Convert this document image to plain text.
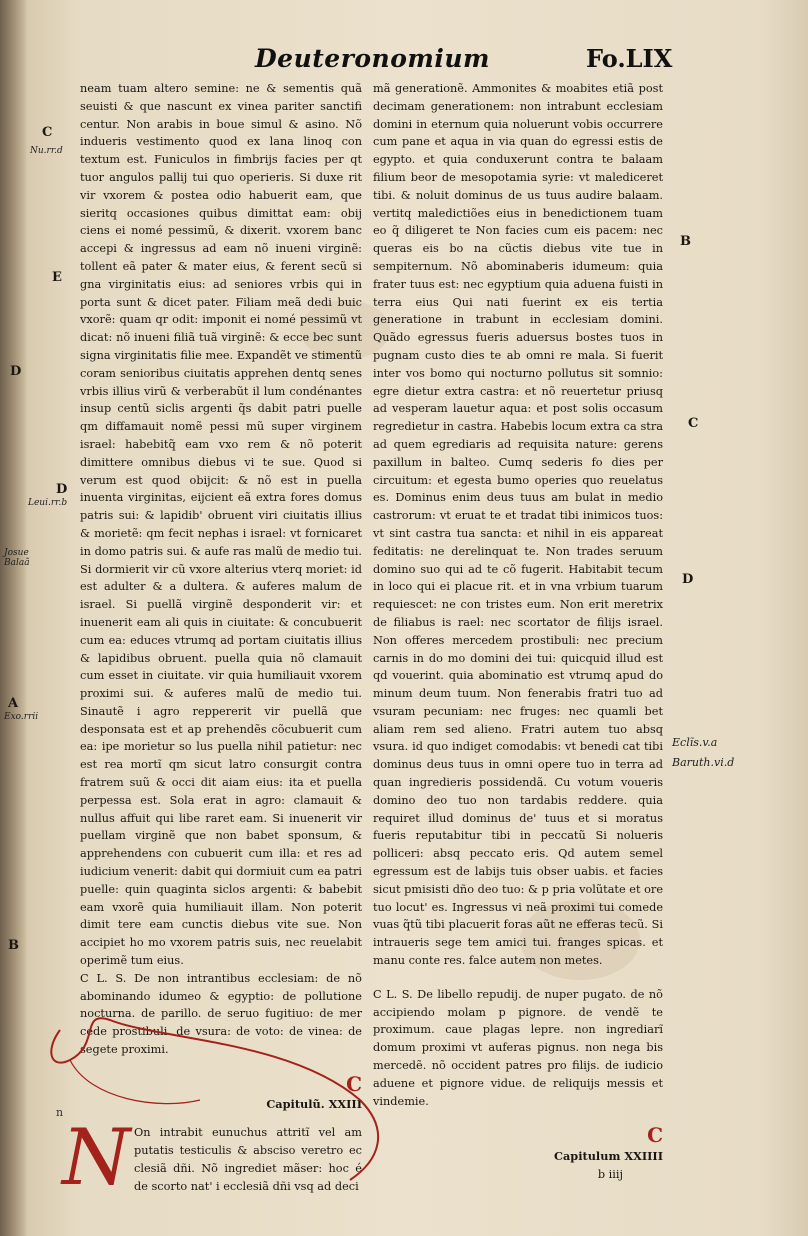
Deuteronomium	Fo.LIX

neam tuam altero semine: ne & sementis quã seuisti & que nascunt ex vinea pariter sanctifi centur. Non arabis in boue simul & asino. Nõ indueris vestimento quod ex lana linoq con textum est. Funiculos in fimbrijs facies per qt tuor angulos pallij tui quo operieris. Si duxe rit vir vxorem & postea odio habuerit eam, que sieritq occasiones quibus dimittat eam: obij ciens ei nomé pessimũ, & dixerit. vxorem banc accepi & ingressus ad eam nõ inueni virginẽ: tollent eã pater & mater eius, & ferent secũ si gna virginitatis eius: ad seniores vrbis qui in porta sunt & dicet pater. Filiam meã dedi buic vxorẽ: quam qr odit: imponit ei nomé pessimũ vt dicat: nõ inueni filiã tuã virginẽ: & ecce bec sunt signa virginitatis filie mee. Expandẽt ve stimentũ coram senioribus ciuitatis apprehen dentq senes vrbis illius virũ & verberabũt il lum condénantes insup centũ siclis argenti q̃s dabit patri puelle qm diffamauit nomẽ pessi mũ super virginem israel: habebitq̃ eam vxo rem & nõ poterit dimittere omnibus diebus vi te sue. Quod si verum est quod obijcit: & nõ est in puella inuenta virginitas, eijcient eã extra fores domus patris sui: & lapidib' obruent viri ciuitatis illius & morietẽ: qm fecit nephas i israel: vt fornicaret in domo patris sui. & aufe ras malũ de medio tui. Si dormierit vir cũ vxore alterius vterq moriet: id est adulter & a dultera. & auferes malum de israel. Si puellã virginẽ desponderit vir: et inuenerit eam ali quis in ciuitate: & concubuerit cum ea: educes vtrumq ad portam ciuitatis illius & lapidibus obruent. puella quia nõ clamauit cum esset in ciuitate. vir quia humiliauit vxorem proximi sui. & auferes malũ de medio tui. Sinautẽ i agro reppererit vir puellã que desponsata est et ap prehendẽs cõcubuerit cum ea: ipe morietur so lus puella nihil patietur: nec est rea mortĩ qm sicut latro consurgit contra fratrem suũ & occi dit aiam eius: ita et puella perpessa est. Sola erat in agro: clamauit & nullus affuit qui libe raret eam. Si inuenerit vir puellam virginẽ que non babet sponsum, & apprehendens con cubuerit cum illa: et res ad iudicium venerit: dabit qui dormiuit cum ea patri puelle: quin quaginta siclos argenti: & babebit eam vxorẽ quia humiliauit illam. Non poterit dimit tere eam cunctis diebus vite sue. Non accipiet ho mo vxorem patris suis, nec reuelabit operimẽ tum eius.

C L. S. De non intrantibus ecclesiam: de nõ abominando idumeo & egyptio: de pollutione nocturna. de parillo. de seruo fugitiuo: de mer cede prostibuli. de vsura: de voto: de vinea: de segete proximi.

C
Capitulũ. XXIII

n
N On intrabit eunuchus attritĩ vel am putatis testiculis & absciso veretro ec clesiã dñi. Nõ ingrediet mãser: hoc é de scorto nat' i ecclesiã dñi vsq ad deci

mã generationẽ. Ammonites & moabites etiã post decimam generationem: non intrabunt ecclesiam domini in eternum quia noluerunt vobis occurrere cum pane et aqua in via quan do egressi estis de egypto. et quia conduxerunt contra te balaam filium beor de mesopotamia syrie: vt malediceret tibi. & noluit dominus de us tuus audire balaam. vertitq maledictiões eius in benedictionem tuam eo q̃ diligeret te Non facies cum eis pacem: nec queras eis bo na cũctis diebus vite tue in sempiternum. Nõ abominaberis idumeum: quia frater tuus est: nec egyptium quia aduena fuisti in terra eius Qui nati fuerint ex eis tertia generatione in trabunt in ecclesiam domini. Quãdo egressus fueris aduersus bostes tuos in pugnam custo dies te ab omni re mala. Si fuerit inter vos bomo qui nocturno pollutus sit somnio: egre dietur extra castra: et nõ reuertetur priusq ad vesperam lauetur aqua: et post solis occasum regredietur in castra. Habebis locum extra ca stra ad quem egrediaris ad requisita nature: gerens paxillum in balteo. Cumq sederis fo dies per circuitum: et egesta bumo operies quo reuelatus es. Dominus enim deus tuus am bulat in medio castrorum: vt eruat te et tradat tibi inimicos tuos: vt sint castra tua sancta: et nihil in eis appareat feditatis: ne derelinquat te. Non trades seruum domino suo qui ad te cõ fugerit. Habitabit tecum in loco qui ei placue rit. et in vna vrbium tuarum requiescet: ne con tristes eum. Non erit meretrix de filiabus is rael: nec scortator de filijs israel. Non offeres mercedem prostibuli: nec precium carnis in do mo domini dei tui: quicquid illud est qd vouerint. quia abominatio est vtrumq apud do minum deum tuum. Non fenerabis fratri tuo ad vsuram pecuniam: nec fruges: nec quamli bet aliam rem sed alieno. Fratri autem tuo absq vsura. id quo indiget comodabis: vt benedi cat tibi dominus deus tuus in omni opere tuo in terra ad quan ingredieris possidendã. Cu votum voueris domino deo tuo non tardabis reddere. quia requiret illud dominus de' tuus et si moratus fueris reputabitur tibi in peccatũ Si nolueris polliceri: absq peccato eris. Qd autem semel egressum est de labijs tuis obser uabis. et facies sicut pmisisti dño deo tuo: & p pria volũtate et ore tuo locut' es. Ingressus vi neã proximi tui comede vuas q̃tũ tibi placuerit foras aũt ne efferas tecũ. Si intraueris sege tem amici tui. franges spicas. et manu conte res. falce autem non metes.

C L. S. De libello repudij. de nuper pugato. de nõ accipiendo molam p pignore. de vendẽ te proximum. caue plagas lepre. non ingrediarĩ domum proximi vt auferas pignus. non nega bis mercedẽ. nõ occident patres pro filijs. de iudicio aduene et pignore vidue. de reliquijs messis et vindemie.

C
Capitulum XXIIII

b iiij
Nu.rr.d
Leui.rr.b
Josue Balaã
Exo.rrii
C
E
D
D
A
B
B
C
D
Eclĩs.v.a
Baruth.vi.d
